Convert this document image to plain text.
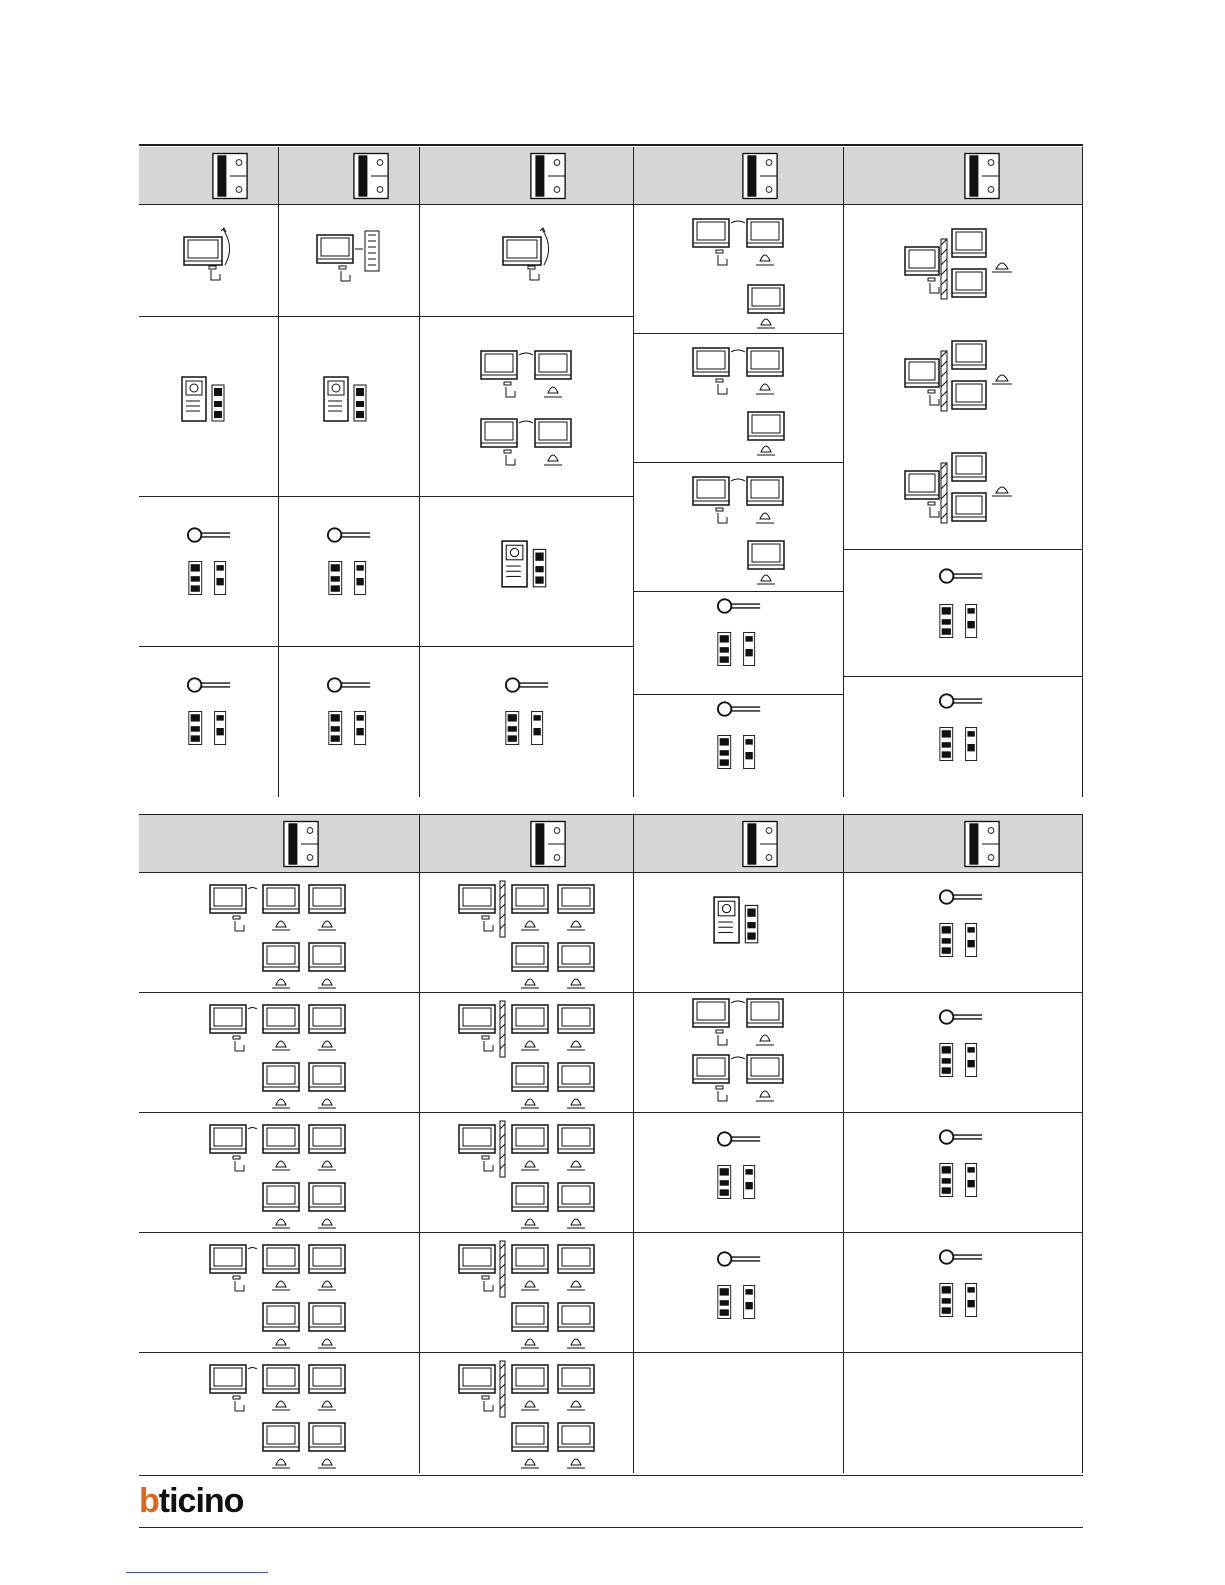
bticino
